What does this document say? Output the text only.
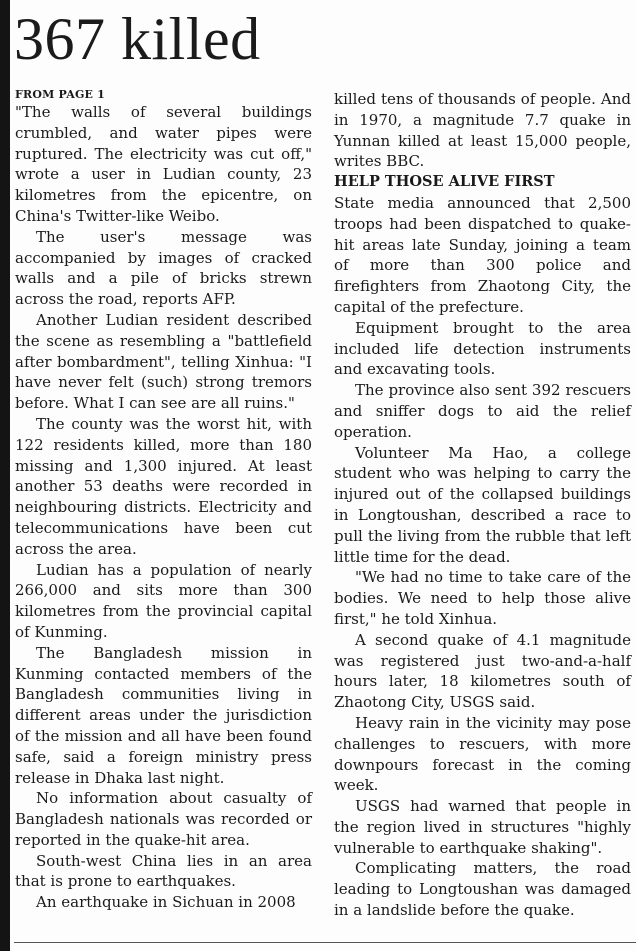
367 killed
FROM PAGE 1

"The walls of several buildings crumbled, and water pipes were ruptured. The electricity was cut off," wrote a user in Ludian county, 23 kilometres from the epicentre, on China's Twitter-like Weibo.

The user's message was accompanied by images of cracked walls and a pile of bricks strewn across the road, reports AFP.

Another Ludian resident described the scene as resembling a "battlefield after bombardment", telling Xinhua: "I have never felt (such) strong tremors before. What I can see are all ruins."

The county was the worst hit, with 122 residents killed, more than 180 missing and 1,300 injured. At least another 53 deaths were recorded in neighbouring districts. Electricity and telecommunications have been cut across the area.

Ludian has a population of nearly 266,000 and sits more than 300 kilometres from the provincial capital of Kunming.

The Bangladesh mission in Kunming contacted members of the Bangladesh communities living in different areas under the jurisdiction of the mission and all have been found safe, said a foreign ministry press release in Dhaka last night.

No information about casualty of Bangladesh nationals was recorded or reported in the quake-hit area.

South-west China lies in an area that is prone to earthquakes.

An earthquake in Sichuan in 2008

killed tens of thousands of people. And in 1970, a magnitude 7.7 quake in Yunnan killed at least 15,000 people, writes BBC.

HELP THOSE ALIVE FIRST

State media announced that 2,500 troops had been dispatched to quake-hit areas late Sunday, joining a team of more than 300 police and firefighters from Zhaotong City, the capital of the prefecture.

Equipment brought to the area included life detection instruments and excavating tools.

The province also sent 392 rescuers and sniffer dogs to aid the relief operation.

Volunteer Ma Hao, a college student who was helping to carry the injured out of the collapsed buildings in Longtoushan, described a race to pull the living from the rubble that left little time for the dead.

"We had no time to take care of the bodies. We need to help those alive first," he told Xinhua.

A second quake of 4.1 magnitude was registered just two-and-a-half hours later, 18 kilometres south of Zhaotong City, USGS said.

Heavy rain in the vicinity may pose challenges to rescuers, with more downpours forecast in the coming week.

USGS had warned that people in the region lived in structures "highly vulnerable to earthquake shaking".

Complicating matters, the road leading to Longtoushan was damaged in a landslide before the quake.
